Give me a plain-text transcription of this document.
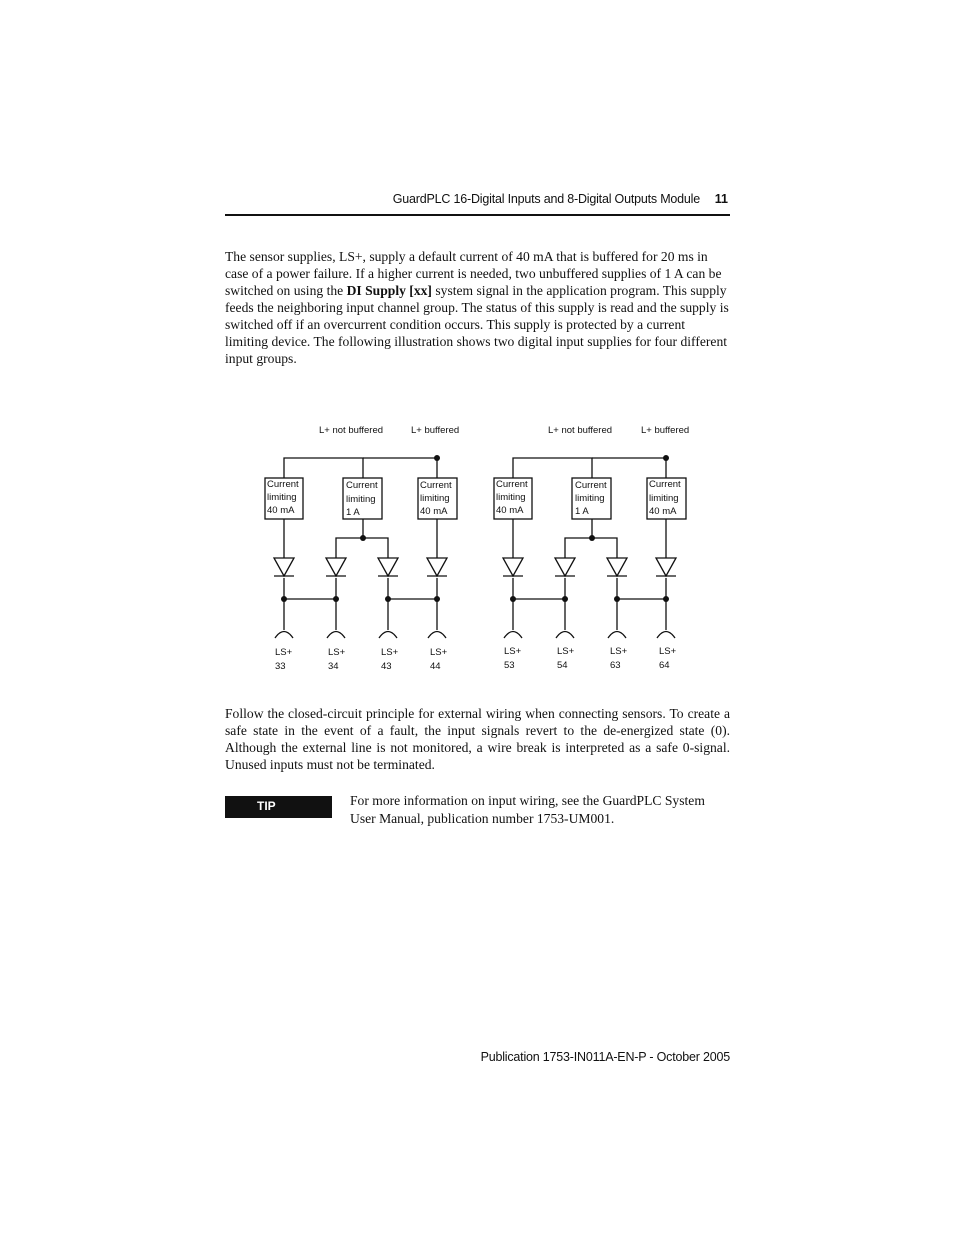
GuardPLC 16-Digital Inputs and 8-Digital Outputs Module 11

The sensor supplies, LS+, supply a default current of 40 mA that is buffered for 20 ms in case of a power failure. If a higher current is needed, two unbuffered supplies of 1 A can be switched on using the DI Supply [xx] system signal in the application program. This supply feeds the neighboring input channel group. The status of this supply is read and the supply is switched off if an overcurrent condition occurs. This supply is protected by a current limiting device. The following illustration shows two digital input supplies for four different input groups.

L+ not buffered	L+ buffered
Current
limiting
40 mA
Current
limiting
1 A
Current
limiting
40 mA
LS+
33
LS+
34
LS+
43
LS+
44
L+ not buffered	L+ buffered
Current
limiting
40 mA
Current
limiting
1 A
Current
limiting
40 mA
LS+
53
LS+
54
LS+
63
LS+
64

Follow the closed-circuit principle for external wiring when connecting sensors. To create a safe state in the event of a fault, the input signals revert to the de-energized state (0). Although the external line is not monitored, a wire break is interpreted as a safe 0-signal. Unused inputs must not be terminated.

TIP	For more information on input wiring, see the GuardPLC System User Manual, publication number 1753-UM001.

Publication 1753-IN011A-EN-P - October 2005
